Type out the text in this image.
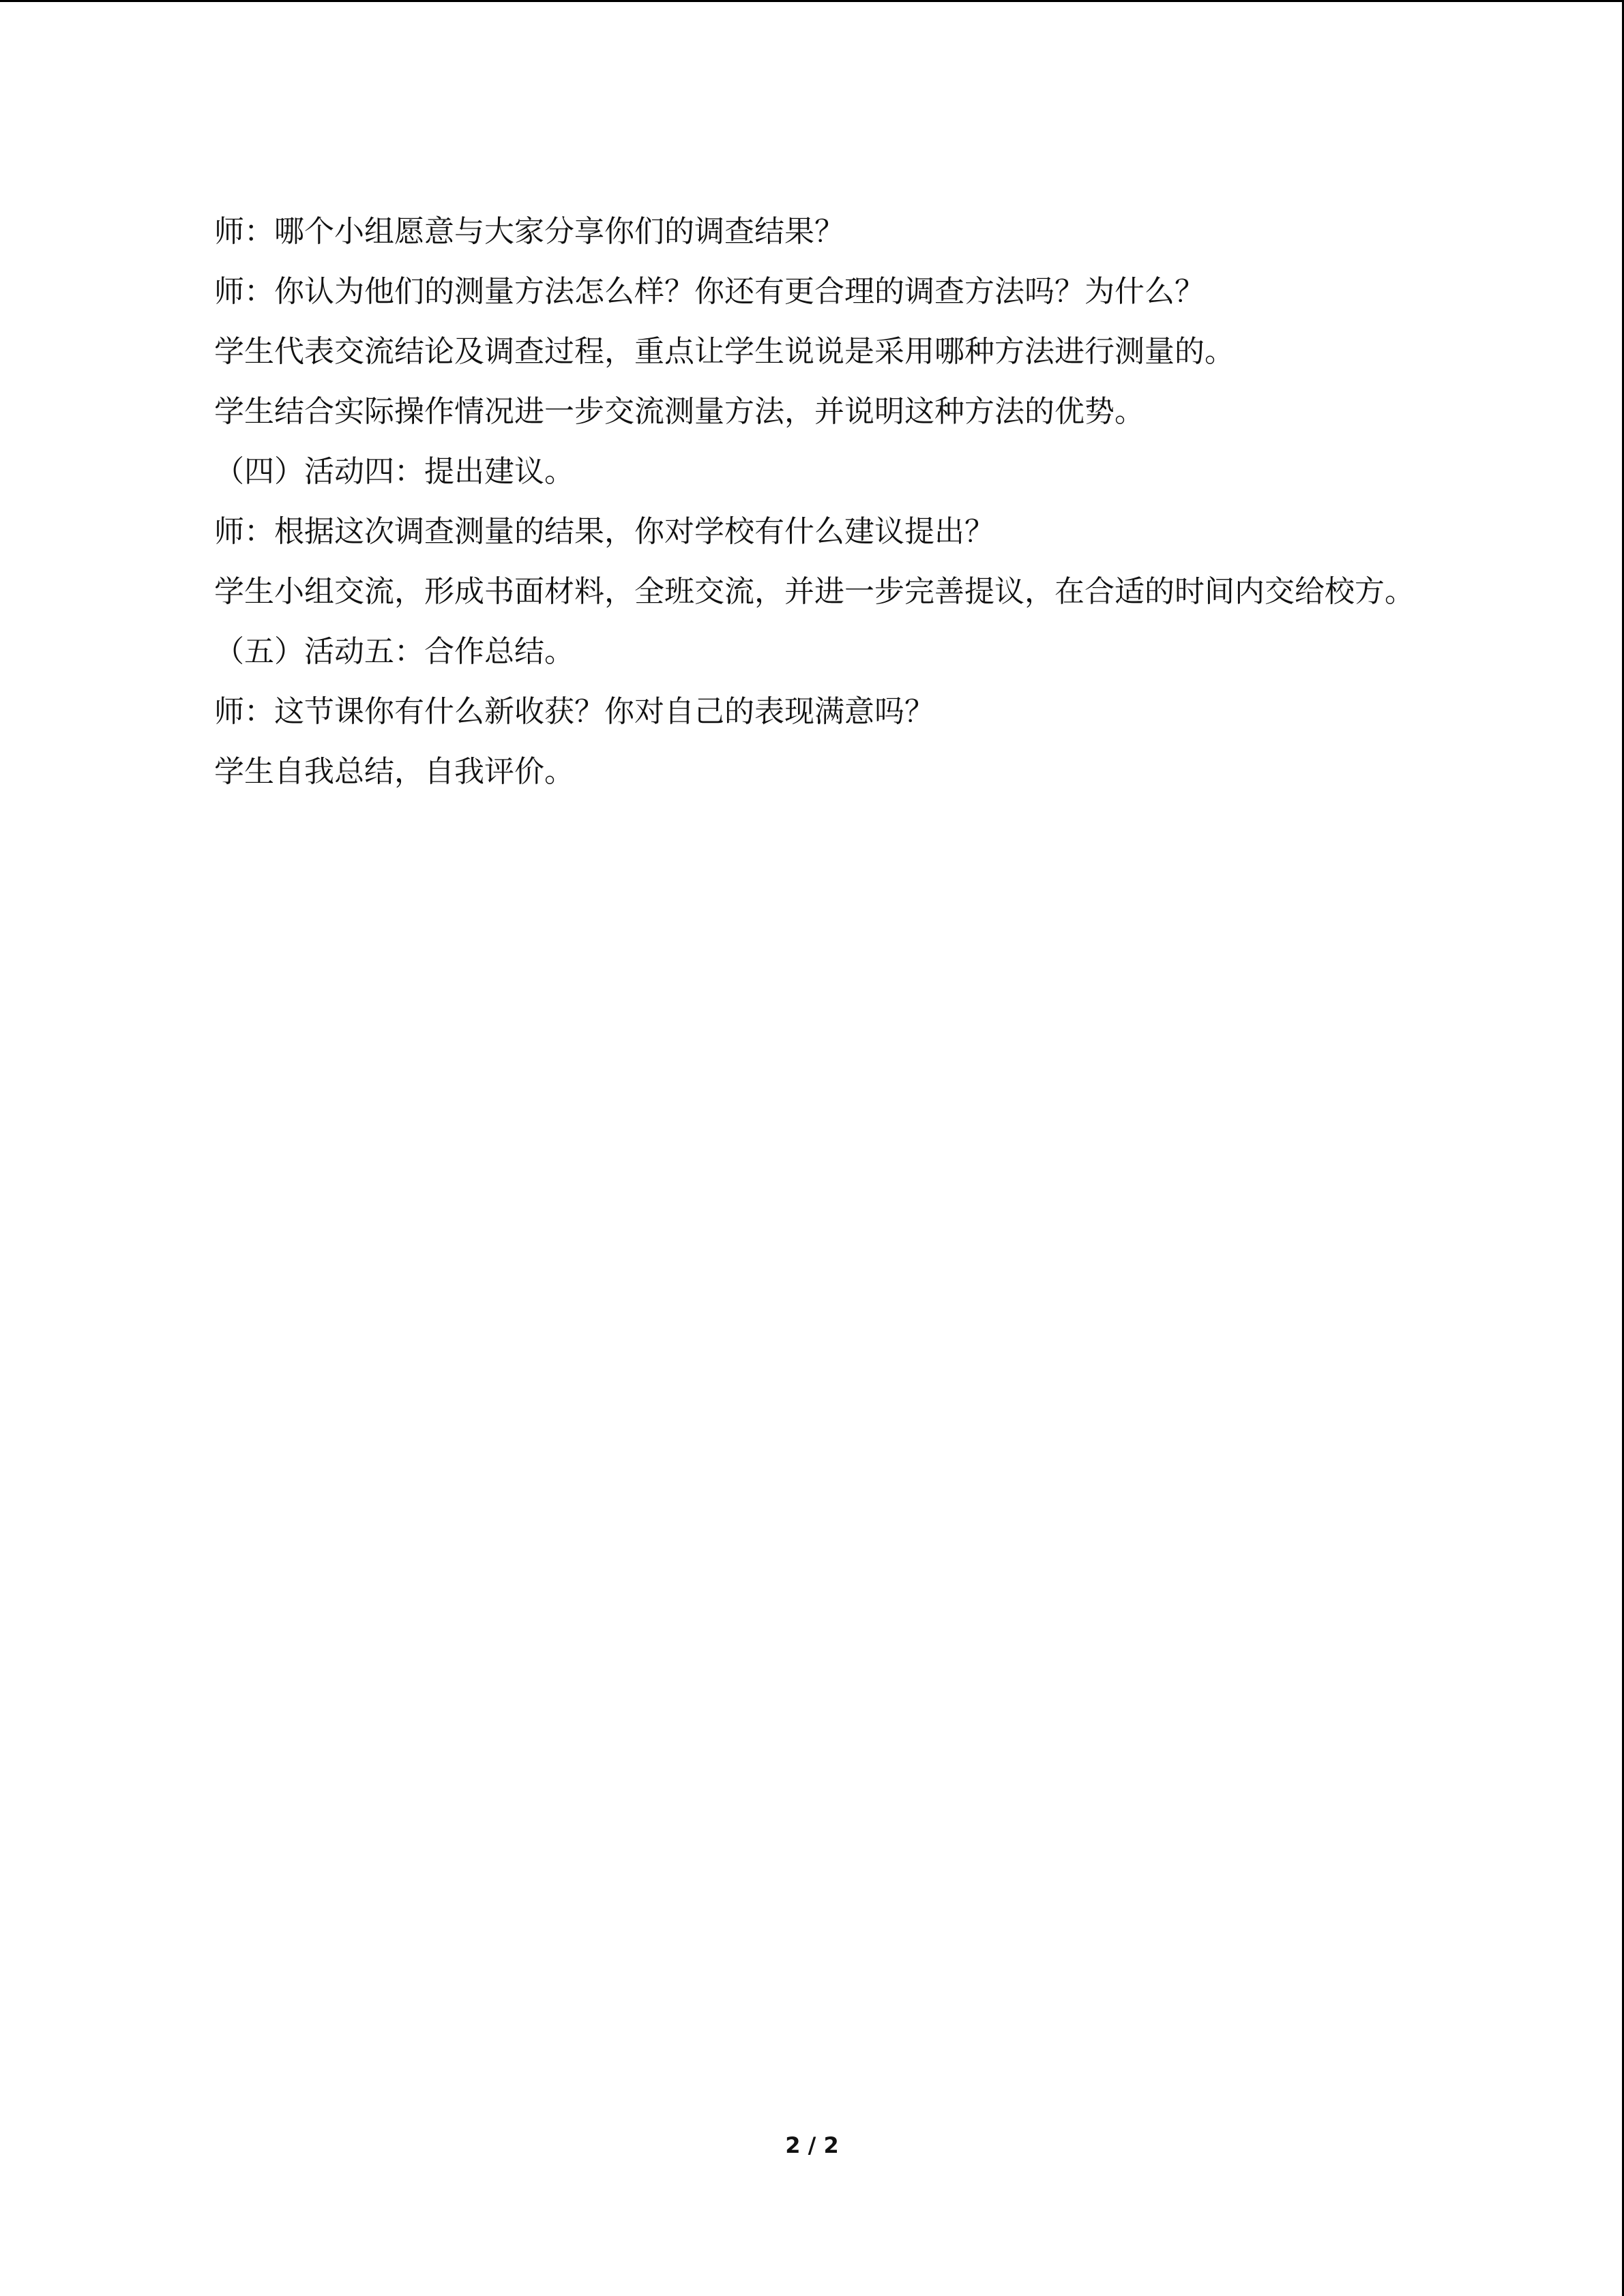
师：哪个小组愿意与大家分享你们的调查结果？

师：你认为他们的测量方法怎么样？你还有更合理的调查方法吗？为什么？

学生代表交流结论及调查过程，重点让学生说说是采用哪种方法进行测量的。

学生结合实际操作情况进一步交流测量方法，并说明这种方法的优势。

（四）活动四：提出建议。

师：根据这次调查测量的结果，你对学校有什么建议提出？

学生小组交流，形成书面材料，全班交流，并进一步完善提议，在合适的时间内交给校方。

（五）活动五：合作总结。

师：这节课你有什么新收获？你对自己的表现满意吗？

学生自我总结，自我评价。

2 / 2
